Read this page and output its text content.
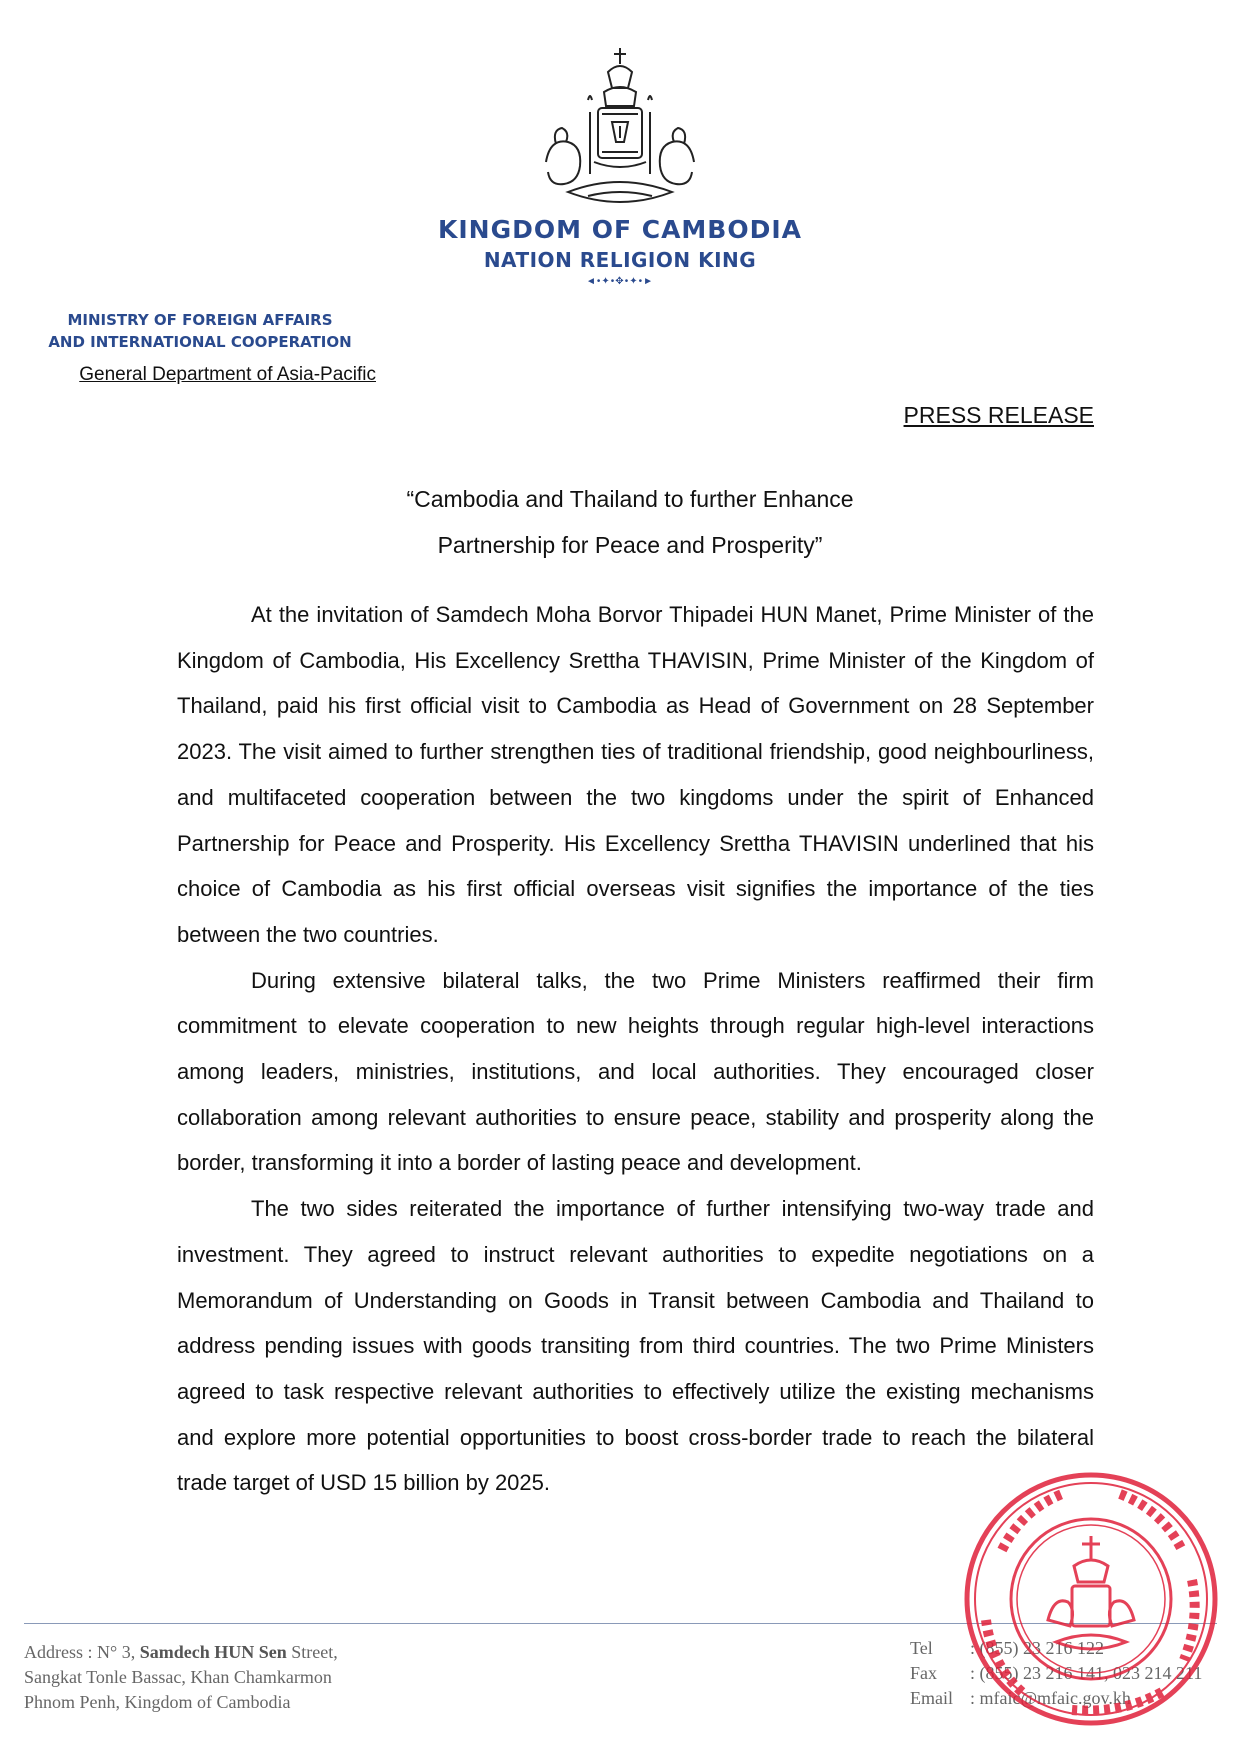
KINGDOM OF CAMBODIA
NATION RELIGION KING
◄•✦•✥•✦•►
MINISTRY OF FOREIGN AFFAIRS
AND INTERNATIONAL COOPERATION
General Department of Asia-Pacific
PRESS RELEASE
“Cambodia and Thailand to further Enhance
Partnership for Peace and Prosperity”

At the invitation of Samdech Moha Borvor Thipadei HUN Manet, Prime Minister of the Kingdom of Cambodia, His Excellency Srettha THAVISIN, Prime Minister of the Kingdom of Thailand, paid his first official visit to Cambodia as Head of Government on 28 September 2023. The visit aimed to further strengthen ties of traditional friendship, good neighbourliness, and multifaceted cooperation between the two kingdoms under the spirit of Enhanced Partnership for Peace and Prosperity. His Excellency Srettha THAVISIN underlined that his choice of Cambodia as his first official overseas visit signifies the importance of the ties between the two countries.

During extensive bilateral talks, the two Prime Ministers reaffirmed their firm commitment to elevate cooperation to new heights through regular high-level interactions among leaders, ministries, institutions, and local authorities. They encouraged closer collaboration among relevant authorities to ensure peace, stability and prosperity along the border, transforming it into a border of lasting peace and development.

The two sides reiterated the importance of further intensifying two-way trade and investment. They agreed to instruct relevant authorities to expedite negotiations on a Memorandum of Understanding on Goods in Transit between Cambodia and Thailand to address pending issues with goods transiting from third countries. The two Prime Ministers agreed to task respective relevant authorities to effectively utilize the existing mechanisms and explore more potential opportunities to boost cross-border trade to reach the bilateral trade target of USD 15 billion by 2025.

Address : N° 3, Samdech HUN Sen Street,
Sangkat Tonle Bassac, Khan Chamkarmon
Phnom Penh, Kingdom of Cambodia
Tel : (855) 23 216 122
Fax : (855) 23 216 141, 023 214 211
Email : mfaic@mfaic.gov.kh
